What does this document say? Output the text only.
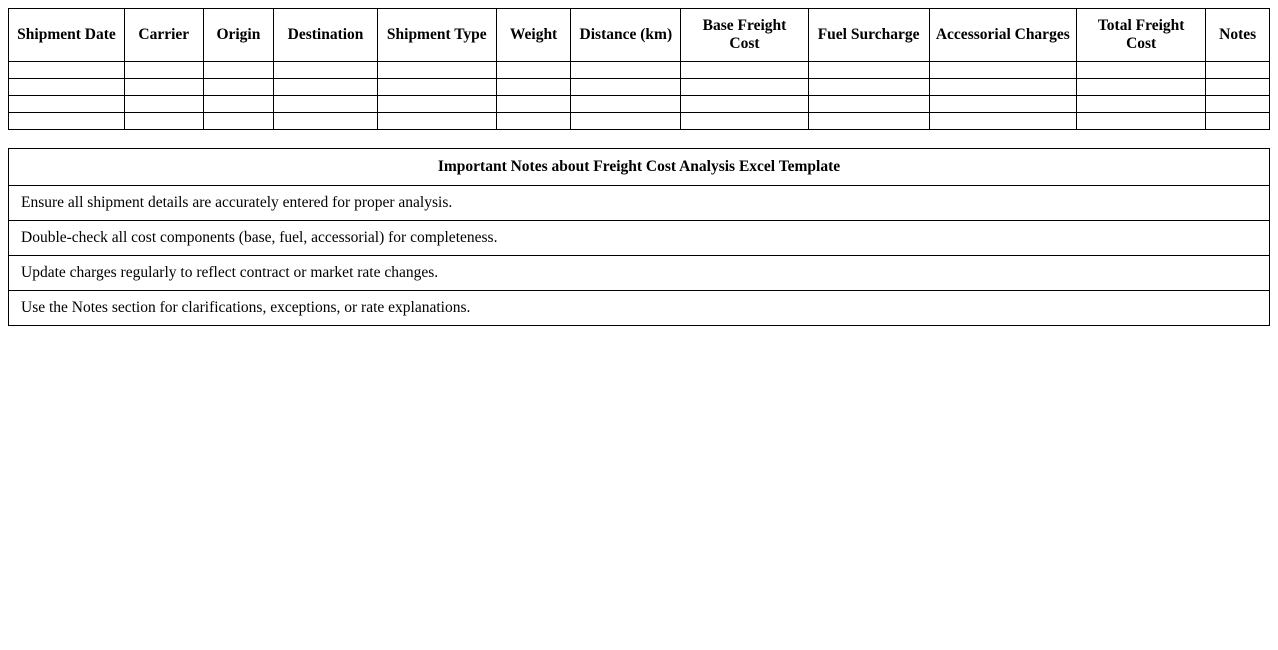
Shipment Date	Carrier	Origin	Destination	Shipment Type	Weight	Distance (km)	Base Freight Cost	Fuel Surcharge	Accessorial Charges	Total Freight Cost	Notes

Important Notes about Freight Cost Analysis Excel Template
Ensure all shipment details are accurately entered for proper analysis.
Double-check all cost components (base, fuel, accessorial) for completeness.
Update charges regularly to reflect contract or market rate changes.
Use the Notes section for clarifications, exceptions, or rate explanations.
